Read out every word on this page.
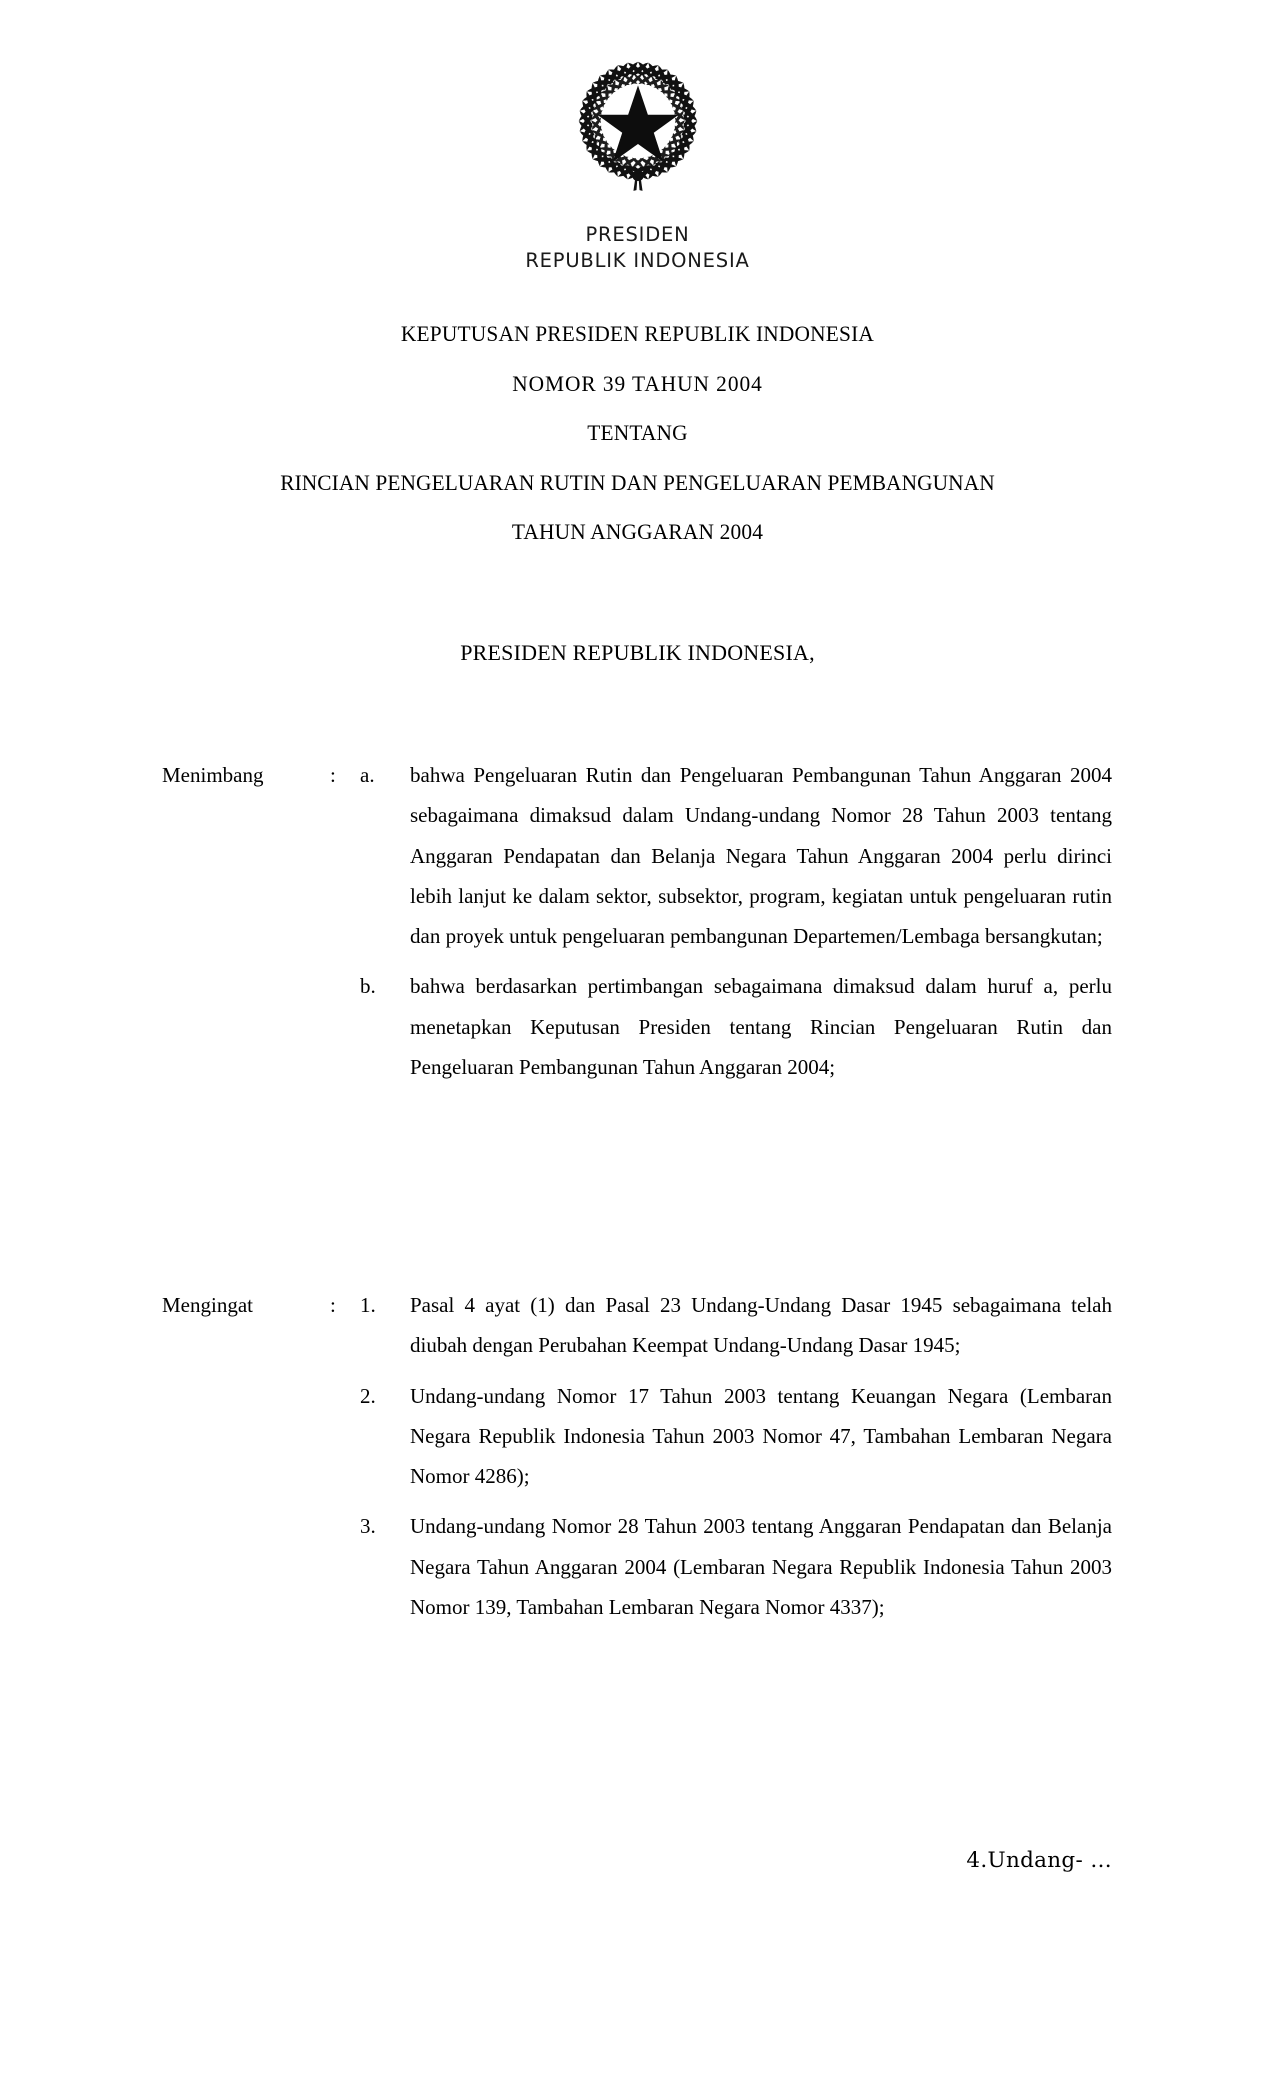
PRESIDEN
REPUBLIK INDONESIA
KEPUTUSAN PRESIDEN REPUBLIK INDONESIA
NOMOR 39 TAHUN 2004
TENTANG
RINCIAN PENGELUARAN RUTIN DAN PENGELUARAN PEMBANGUNAN
TAHUN ANGGARAN 2004
PRESIDEN REPUBLIK INDONESIA,
Menimbang	:	a.	bahwa Pengeluaran Rutin dan Pengeluaran Pembangunan Tahun Anggaran 2004 sebagaimana dimaksud dalam Undang-undang Nomor 28 Tahun 2003 tentang Anggaran Pendapatan dan Belanja Negara Tahun Anggaran 2004 perlu dirinci lebih lanjut ke dalam sektor, subsektor, program, kegiatan untuk pengeluaran rutin dan proyek untuk pengeluaran pembangunan Departemen/Lembaga bersangkutan;
b.	bahwa berdasarkan pertimbangan sebagaimana dimaksud dalam huruf a, perlu menetapkan Keputusan Presiden tentang Rincian Pengeluaran Rutin dan Pengeluaran Pembangunan Tahun Anggaran 2004;
Mengingat	:	1.	Pasal 4 ayat (1) dan Pasal 23 Undang-Undang Dasar 1945 sebagaimana telah diubah dengan Perubahan Keempat Undang-Undang Dasar 1945;
2.	Undang-undang Nomor 17 Tahun 2003 tentang Keuangan Negara (Lembaran Negara Republik Indonesia Tahun 2003 Nomor 47, Tambahan Lembaran Negara Nomor 4286);
3.	Undang-undang Nomor 28 Tahun 2003 tentang Anggaran Pendapatan dan Belanja Negara Tahun Anggaran 2004 (Lembaran Negara Republik Indonesia Tahun 2003 Nomor 139, Tambahan Lembaran Negara Nomor 4337);
4.Undang- …
